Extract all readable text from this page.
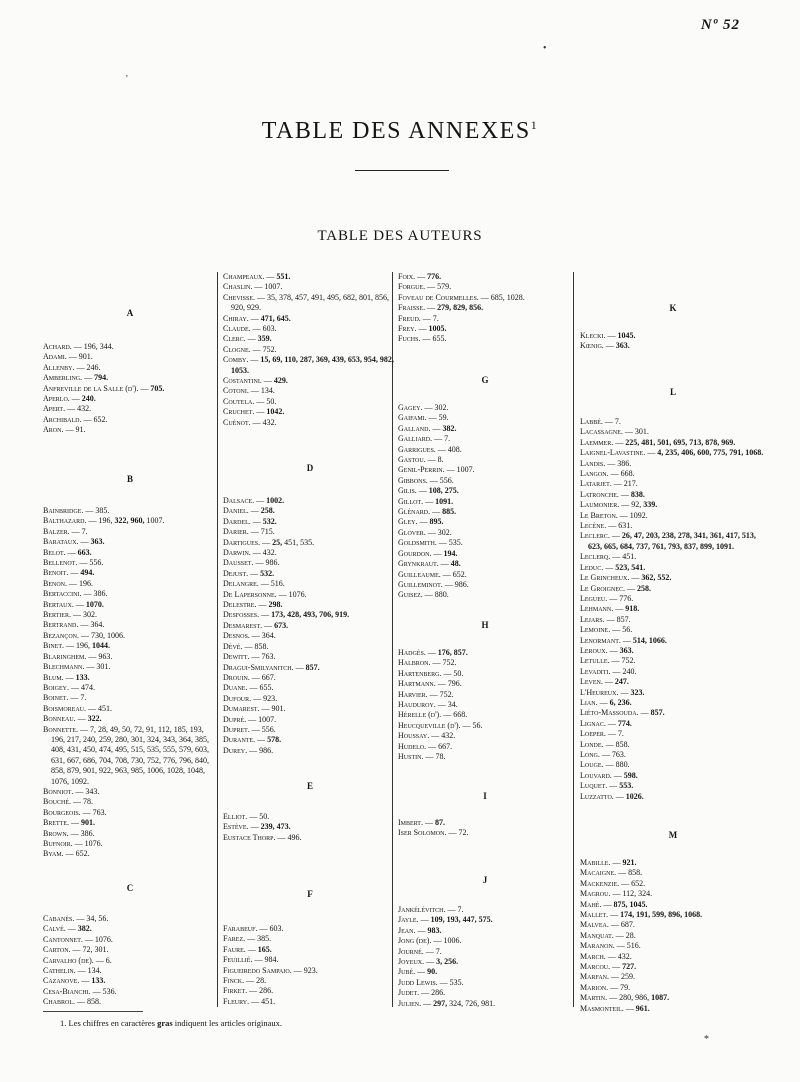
Nº 52
•
'
*
TABLE DES ANNEXES$^1$
TABLE DES AUTEURS
A
Achard. — 196, 344.
Adami. — 901.
Allenby. — 246.
Amberling. — 794.
Anfreville de la Salle (d'). — 705.
Aperlo. — 240.
Apert. — 432.
Archibald. — 652.
Aron. — 91.
B
Bainbridge. — 385.
Balthazard. — 196, 322, 960, 1007.
Balzer. — 7.
Barataux. — 363.
Belot. — 663.
Bellenot. — 556.
Benoit. — 494.
Benon. — 196.
Bertaccini. — 386.
Bertaux. — 1070.
Bertier. — 302.
Bertrand. — 364.
Bezançon. — 730, 1006.
Binet. — 196, 1044.
Blaringhem. — 963.
Blechmann. — 301.
Blum. — 133.
Boigey. — 474.
Boinet. — 7.
Boismoreau. — 451.
Bonneau. — 322.
Bonnette. — 7, 28, 49, 50, 72, 91, 112, 185, 193, 196, 217, 240, 259, 280, 301, 324, 343, 364, 385, 408, 431, 450, 474, 495, 515, 535, 555, 579, 603, 631, 667, 686, 704, 708, 730, 752, 776, 796, 840, 858, 879, 901, 922, 963, 985, 1006, 1028, 1048, 1076, 1092.
Bonniot. — 343.
Bouché. — 78.
Bourgeois. — 763.
Brette. — 901.
Brown. — 386.
Bufnoir. — 1076.
Byam. — 652.
C
Cabanès. — 34, 56.
Calvé. — 382.
Cantonnet. — 1076.
Carton. — 72, 301.
Carvalho (de). — 6.
Cathelin. — 134.
Cazanove. — 133.
Cesa-Bianchi. — 536.
Chabrol. — 858.
Champeaux. — 551.
Chaslin. — 1007.
Chevisse. — 35, 378, 457, 491, 495, 682, 801, 856, 920, 929.
Chiray. — 471, 645.
Claude. — 603.
Clerc. — 359.
Clogne. — 752.
Comby. — 15, 69, 110, 287, 369, 439, 653, 954, 982, 1053.
Costantini. — 429.
Cotoni. — 134.
Coutela. — 50.
Cruchet. — 1042.
Cuénot. — 432.
D
Dalsace. — 1002.
Daniel. — 258.
Dardel. — 532.
Darier. — 715.
Dartigues. — 25, 451, 535.
Darwin. — 432.
Dausset. — 986.
Dejust. — 532.
Delangre. — 516.
De Lapersonne. — 1076.
Delestre. — 298.
Desfosses. — 173, 428, 493, 706, 919.
Desmarest. — 673.
Desnos. — 364.
Dévé. — 858.
Dewitt. — 763.
Dragui-Smilyanitch. — 857.
Drouin. — 667.
Duane. — 655.
Dufour. — 923.
Dumarest. — 901.
Dupré. — 1007.
Dupret. — 556.
Durante. — 578.
Durey. — 986.
E
Elliot. — 50.
Estève. — 239, 473.
Eustace Thorp. — 496.
F
Farabeuf. — 603.
Farez. — 385.
Faure. — 165.
Feuillié. — 984.
Figueiredo Sampaio. — 923.
Finck. — 28.
Firket. — 286.
Fleury. — 451.
Foix. — 776.
Forgue. — 579.
Foveau de Courmelles. — 685, 1028.
Fraisse. — 279, 829, 856.
Freud. — 7.
Frey. — 1005.
Fuchs. — 655.
G
Gagey. — 302.
Gaifami. — 59.
Galland. — 382.
Galliard. — 7.
Garrigues. — 408.
Gastou. — 8.
Genil-Perrin. — 1007.
Gibbons. — 556.
Gilis. — 108, 275.
Gillot. — 1091.
Glénard. — 885.
Gley. — 895.
Glover. — 302.
Goldsmith. — 535.
Gourdon. — 194.
Grynkraut. — 48.
Guilleaume. — 652.
Guilleminot. — 986.
Guisez. — 880.
H
Hadgès. — 176, 857.
Halbron. — 752.
Hartenberg. — 50.
Hartmann. — 796.
Harvier. — 752.
Hauduroy. — 34.
Hérelle (d'). — 668.
Heucqueville (d'). — 56.
Houssay. — 432.
Hudelo. — 667.
Hustin. — 78.
I
Imbert. — 87.
Iser Solomon. — 72.
J
Jankélévitch. — 7.
Jayle. — 109, 193, 447, 575.
Jean. — 983.
Jong (de). — 1006.
Journé. — 7.
Joyeux. — 3, 256.
Jubé. — 90.
Judd Lewis. — 535.
Judet. — 286.
Julien. — 297, 324, 726, 981.
K
Klecki. — 1045.
Kœnig. — 363.
L
Labbé. — 7.
Lacassagne. — 301.
Laemmer. — 225, 481, 501, 695, 713, 878, 969.
Laignel-Lavastine. — 4, 235, 406, 600, 775, 791, 1068.
Landis. — 386.
Langon. — 668.
Latarjet. — 217.
Latronche. — 838.
Laumonier. — 92, 339.
Le Breton. — 1092.
Lecène. — 631.
Leclerc. — 26, 47, 203, 238, 278, 341, 361, 417, 513, 623, 665, 684, 737, 761, 793, 837, 899, 1091.
Leclerq. — 451.
Leduc. — 523, 541.
Le Grincheux. — 362, 552.
Le Groignec. — 258.
Legueu. — 776.
Lehmann. — 918.
Lejars. — 857.
Lemoine. — 56.
Lenormant. — 514, 1066.
Leroux. — 363.
Letulle. — 752.
Levaditi. — 240.
Leven. — 247.
L'Heureux. — 323.
Lian. — 6, 236.
Liéto-Massouda. — 857.
Lignac. — 774.
Loeper. — 7.
Londe. — 858.
Long. — 763.
Louge. — 880.
Louvard. — 598.
Luquet. — 553.
Luzzatto. — 1026.
M
Mabille. — 921.
Macaigne. — 858.
Mackenzie. — 652.
Magrou. — 112, 324.
Mahé. — 875, 1045.
Mallet. — 174, 191, 599, 896, 1068.
Malvea. — 687.
Manquat. — 28.
Maranon. — 516.
March. — 432.
Marcou. — 727.
Marfan. — 259.
Marion. — 79.
Martin. — 280, 986, 1087.
Masmonteil. — 961.
1. Les chiffres en caractères gras indiquent les articles originaux.
